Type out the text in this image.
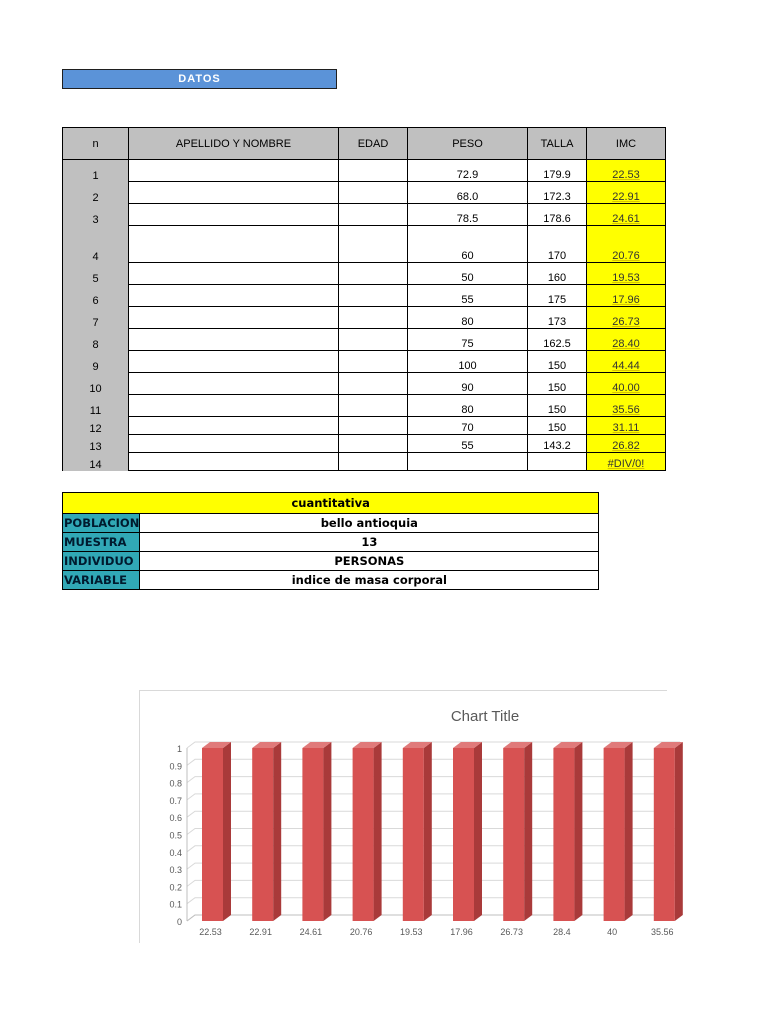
DATOS
n	APELLIDO Y NOMBRE	EDAD	PESO	TALLA	IMC
1			72.9	179.9	22.53
2			68.0	172.3	22.91
3			78.5	178.6	24.61
4			60	170	20.76
5			50	160	19.53
6			55	175	17.96
7			80	173	26.73
8			75	162.5	28.40
9			100	150	44.44
10			90	150	40.00
11			80	150	35.56
12			70	150	31.11
13			55	143.2	26.82
14					#DIV/0!
cuantitativa	
POBLACION	bello antioquia
MUESTRA	13
INDIVIDUO	PERSONAS
VARIABLE	indice de masa corporal
Chart Title
0
0.1
0.2
0.3
0.4
0.5
0.6
0.7
0.8
0.9
1
22.53	22.91	24.61	20.76	19.53	17.96	26.73	28.4	40	35.56
